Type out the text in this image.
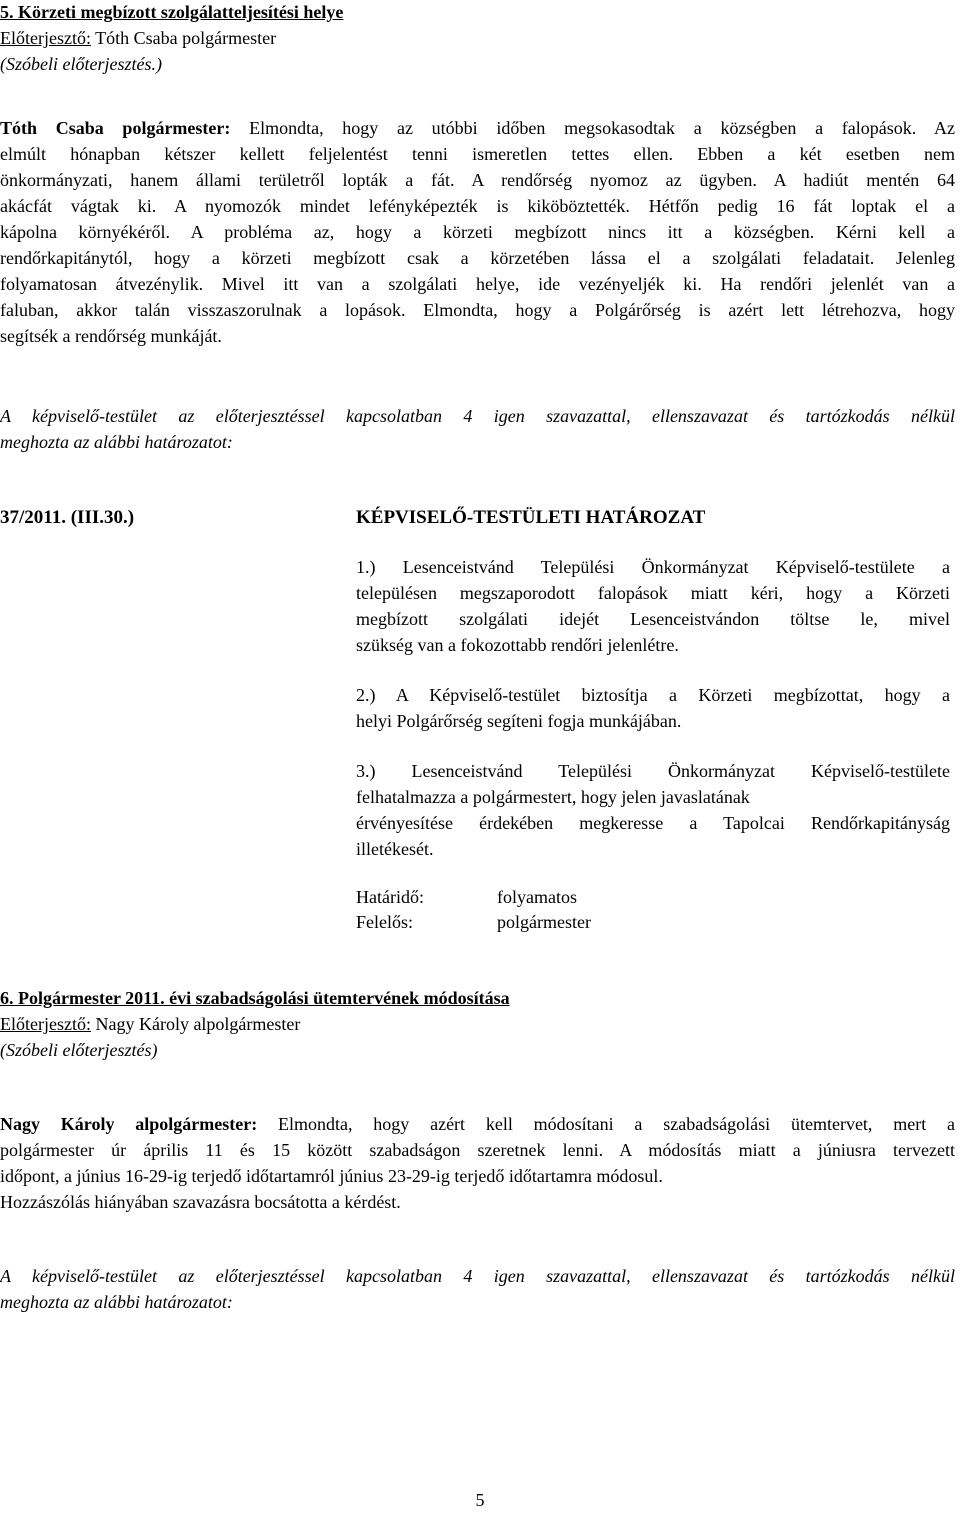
5. Körzeti megbízott szolgálatteljesítési helye
Előterjesztő: Tóth Csaba polgármester
(Szóbeli előterjesztés.)
Tóth Csaba polgármester: Elmondta, hogy az utóbbi időben megsokasodtak a községben a falopások. Az
elmúlt hónapban kétszer kellett feljelentést tenni ismeretlen tettes ellen. Ebben a két esetben nem
önkormányzati, hanem állami területről lopták a fát. A rendőrség nyomoz az ügyben. A hadiút mentén 64
akácfát vágtak ki. A nyomozók mindet lefényképezték is kiköböztették. Hétfőn pedig 16 fát loptak el a
kápolna környékéről. A probléma az, hogy a körzeti megbízott nincs itt a községben. Kérni kell a
rendőrkapitánytól, hogy a körzeti megbízott csak a körzetében lássa el a szolgálati feladatait. Jelenleg
folyamatosan átvezénylik. Mivel itt van a szolgálati helye, ide vezényeljék ki. Ha rendőri jelenlét van a
faluban, akkor talán visszaszorulnak a lopások. Elmondta, hogy a Polgárőrség is azért lett létrehozva, hogy
segítsék a rendőrség munkáját.
A képviselő-testület az előterjesztéssel kapcsolatban 4 igen szavazattal, ellenszavazat és tartózkodás nélkül
meghozta az alábbi határozatot:
37/2011. (III.30.)	KÉPVISELŐ-TESTÜLETI HATÁROZAT
1.) Lesenceistvánd Települési Önkormányzat Képviselő-testülete a
településen megszaporodott falopások miatt kéri, hogy a Körzeti
megbízott szolgálati idejét Lesenceistvándon töltse le, mivel
szükség van a fokozottabb rendőri jelenlétre.
2.) A Képviselő-testület biztosítja a Körzeti megbízottat, hogy a
helyi Polgárőrség segíteni fogja munkájában.
3.) Lesenceistvánd Települési Önkormányzat Képviselő-testülete
felhatalmazza a polgármestert, hogy jelen javaslatának
érvényesítése érdekében megkeresse a Tapolcai Rendőrkapitányság
illetékesét.
Határidő:	folyamatos
Felelős:	polgármester
6. Polgármester 2011. évi szabadságolási ütemtervének módosítása
Előterjesztő: Nagy Károly alpolgármester
(Szóbeli előterjesztés)
Nagy Károly alpolgármester: Elmondta, hogy azért kell módosítani a szabadságolási ütemtervet, mert a
polgármester úr április 11 és 15 között szabadságon szeretnek lenni. A módosítás miatt a júniusra tervezett
időpont, a június 16-29-ig terjedő időtartamról június 23-29-ig terjedő időtartamra módosul.
Hozzászólás hiányában szavazásra bocsátotta a kérdést.
A képviselő-testület az előterjesztéssel kapcsolatban 4 igen szavazattal, ellenszavazat és tartózkodás nélkül
meghozta az alábbi határozatot:
5
